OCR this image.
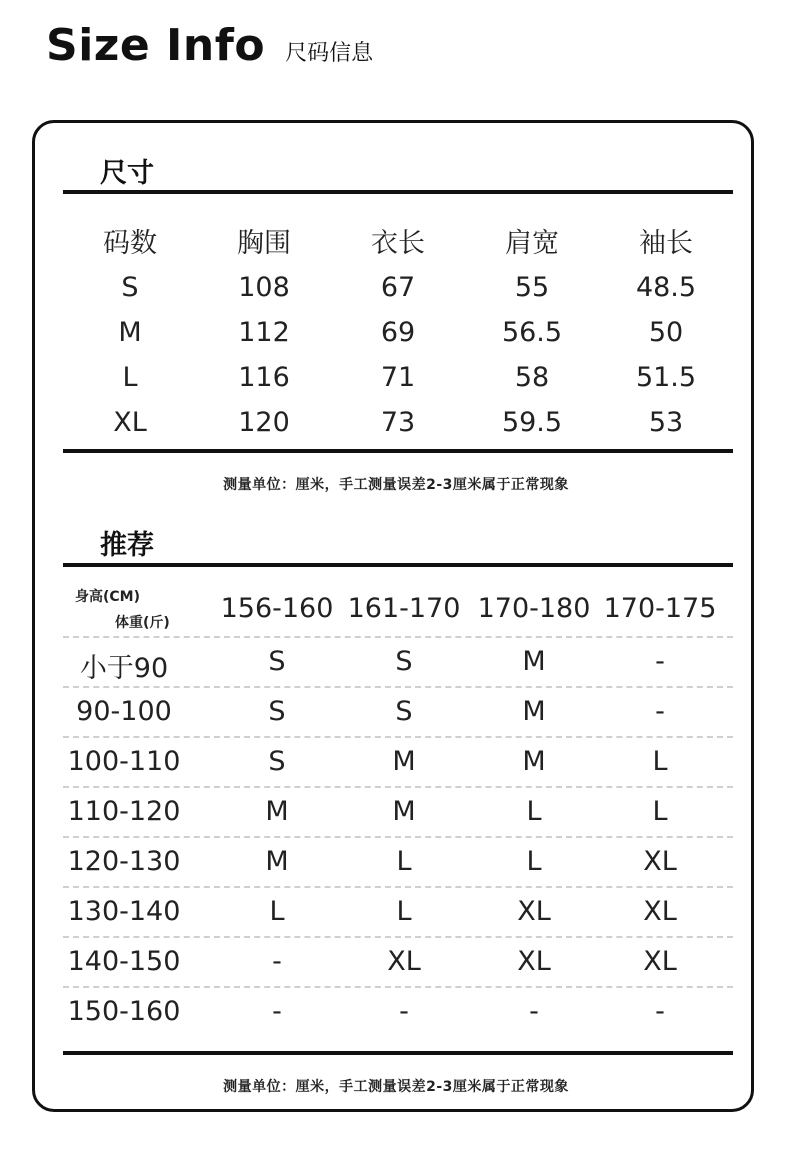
Size Info 尺码信息
尺寸
码数	胸围	衣长	肩宽	袖长
S	108	67	55	48.5
M	112	69	56.5	50
L	116	71	58	51.5
XL	120	73	59.5	53
测量单位：厘米，手工测量误差2-3厘米属于正常现象
推荐
身高(CM)
体重(斤)	156-160 161-170 170-180 170-175
小于90	S	S	M	-
90-100	S	S	M	-
100-110	S	M	M	L
110-120	M	M	L	L
120-130	M	L	L	XL
130-140	L	L	XL	XL
140-150	-	XL	XL	XL
150-160	-	-	-	-
测量单位：厘米，手工测量误差2-3厘米属于正常现象
